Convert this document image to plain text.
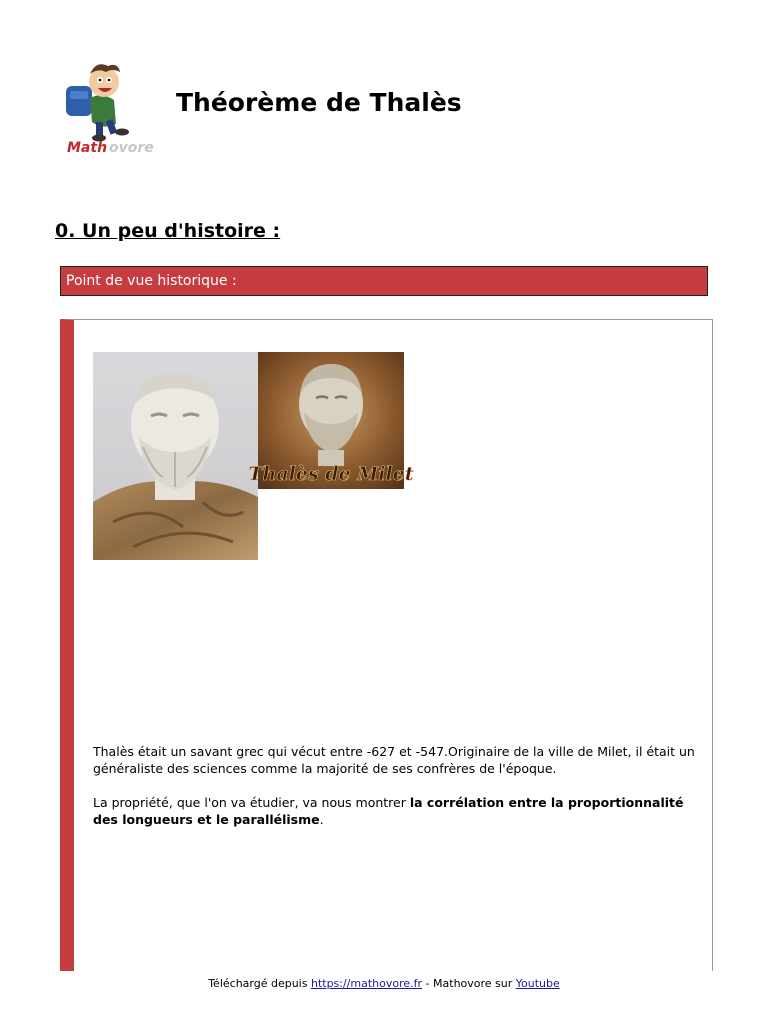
Math ovore
Théorème de Thalès
0. Un peu d'histoire :
Point de vue historique :
Thalès de Milet

Thalès était un savant grec qui vécut entre -627 et -547.Originaire de la ville de Milet, il était un généraliste des sciences comme la majorité de ses confrères de l'époque.

La propriété, que l'on va étudier, va nous montrer la corrélation entre la proportionnalité des longueurs et le parallélisme.

Téléchargé depuis https://mathovore.fr - Mathovore sur Youtube
